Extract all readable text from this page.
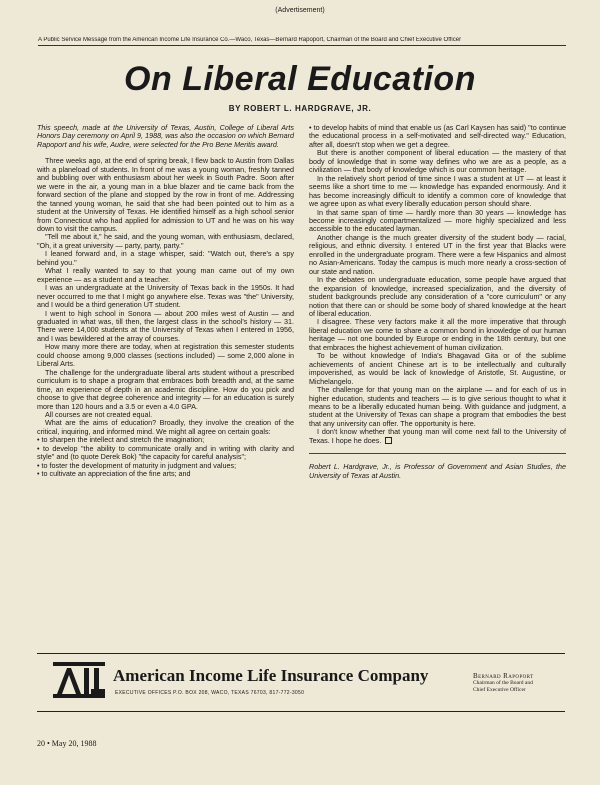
(Advertisement)
A Public Service Message from the American Income Life Insurance Co.—Waco, Texas—Bernard Rapoport, Chairman of the Board and Chief Executive Officer
On Liberal Education
BY ROBERT L. HARDGRAVE, JR.

This speech, made at the University of Texas, Austin, College of Liberal Arts Honors Day ceremony on April 9, 1988, was also the occasion on which Bernard Rapoport and his wife, Audre, were selected for the Pro Bene Meritis award.

Three weeks ago, at the end of spring break, I flew back to Austin from Dallas with a planeload of students. In front of me was a young woman, freshly tanned and bubbling over with enthusiasm about her week in South Padre. Soon after we were in the air, a young man in a blue blazer and tie came back from the forward section of the plane and stopped by the row in front of me. Addressing the tanned young woman, he said that she had been pointed out to him as a student at the University of Texas. He identified himself as a high school senior from Connecticut who had applied for admission to UT and he was on his way down to visit the campus.

"Tell me about it," he said, and the young woman, with enthusiasm, declared, "Oh, it a great university — party, party, party."

I leaned forward and, in a stage whisper, said: "Watch out, there's a spy behind you."

What I really wanted to say to that young man came out of my own experience — as a student and a teacher.

I was an undergraduate at the University of Texas back in the 1950s. It had never occurred to me that I might go anywhere else. Texas was "the" University, and I would be a third generation UT student.

I went to high school in Sonora — about 200 miles west of Austin — and graduated in what was, till then, the largest class in the school's history — 31. There were 14,000 students at the University of Texas when I entered in 1956, and I was bewildered at the array of courses.

How many more there are today, when at registration this semester students could choose among 9,000 classes (sections included) — some 2,000 alone in Liberal Arts.

The challenge for the undergraduate liberal arts student without a prescribed curriculum is to shape a program that embraces both breadth and, at the same time, an experience of depth in an academic discipline. How do you pick and choose to give that degree coherence and integrity — for an education is surely more than 120 hours and a 3.5 or even a 4.0 GPA.

All courses are not created equal.

What are the aims of education? Broadly, they involve the creation of the critical, inquiring, and informed mind. We might all agree on certain goals:

• to sharpen the intellect and stretch the imagination;

• to develop "the ability to communicate orally and in writing with clarity and style" and (to quote Derek Bok) "the capacity for careful analysis";

• to foster the development of maturity in judgment and values;

• to cultivate an appreciation of the fine arts; and

• to develop habits of mind that enable us (as Carl Kaysen has said) "to continue the educational process in a self-motivated and self-directed way." Education, after all, doesn't stop when we get a degree.

But there is another component of liberal education — the mastery of that body of knowledge that in some way defines who we are as a people, as a civilization — that body of knowledge which is our common heritage.

In the relatively short period of time since I was a student at UT — at least it seems like a short time to me — knowledge has expanded enormously. And it has become increasingly difficult to identify a common core of knowledge that we agree upon as what every liberally education person should share.

In that same span of time — hardly more than 30 years — knowledge has become increasingly compartmentalized — more highly specialized and less accessible to the educated layman.

Another change is the much greater diversity of the student body — racial, religious, and ethnic diversity. I entered UT in the first year that Blacks were enrolled in the undergraduate program. There were a few Hispanics and almost no Asian-Americans. Today the campus is much more nearly a cross-section of our state and nation.

In the debates on undergraduate education, some people have argued that the expansion of knowledge, increased specialization, and the diversity of student backgrounds preclude any consideration of a "core curriculum" or any notion that there can or should be some body of shared knowledge at the heart of liberal education.

I disagree. These very factors make it all the more imperative that through liberal education we come to share a common bond in knowledge of our human heritage — not one bounded by Europe or ending in the 18th century, but one that embraces the highest achievement of human civilization.

To be without knowledge of India's Bhagavad Gita or of the sublime achievements of ancient Chinese art is to be intellectually and culturally impoverished, as would be lack of knowledge of Aristotle, St. Augustine, or Michelangelo.

The challenge for that young man on the airplane — and for each of us in higher education, students and teachers — is to give serious thought to what it means to be a liberally educated human being. With guidance and judgment, a student at the University of Texas can shape a program that embodies the best that any university can offer. The opportunity is here.

I don't know whether that young man will come next fall to the University of Texas. I hope he does.

Robert L. Hardgrave, Jr., is Professor of Government and Asian Studies, the University of Texas at Austin.

American Income Life Insurance Company
EXECUTIVE OFFICES P.O. BOX 208, WACO, TEXAS 76703, 817-772-3050
Bernard Rapoport
Chairman of the Board and
Chief Executive Officer
20 • May 20, 1988
